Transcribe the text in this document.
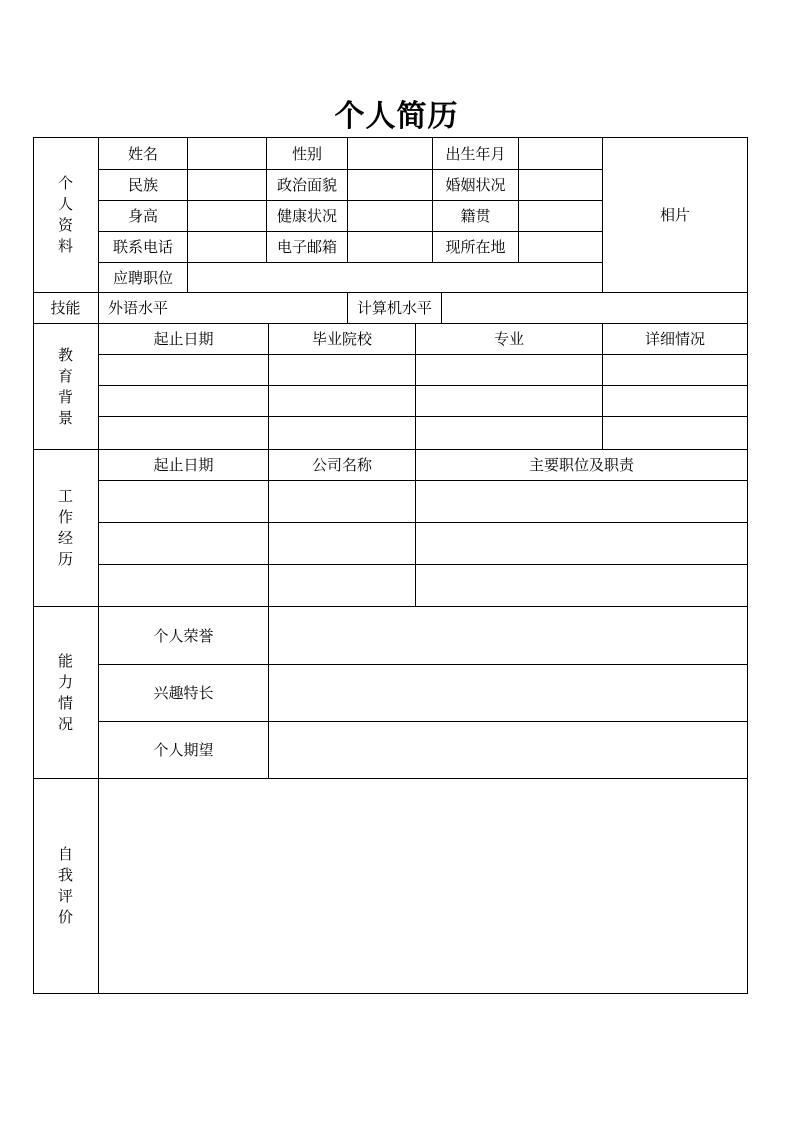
个人简历
个
人
资
料
姓名	性别	出生年月
民族	政治面貌	婚姻状况
身高	健康状况	籍贯
联系电话	电子邮箱	现所在地
应聘职位
相片
技能	外语水平	计算机水平
教
育
背
景
起止日期	毕业院校	专业	详细情况
工
作
经
历
起止日期	公司名称	主要职位及职责
能
力
情
况
个人荣誉
兴趣特长
个人期望
自
我
评
价
